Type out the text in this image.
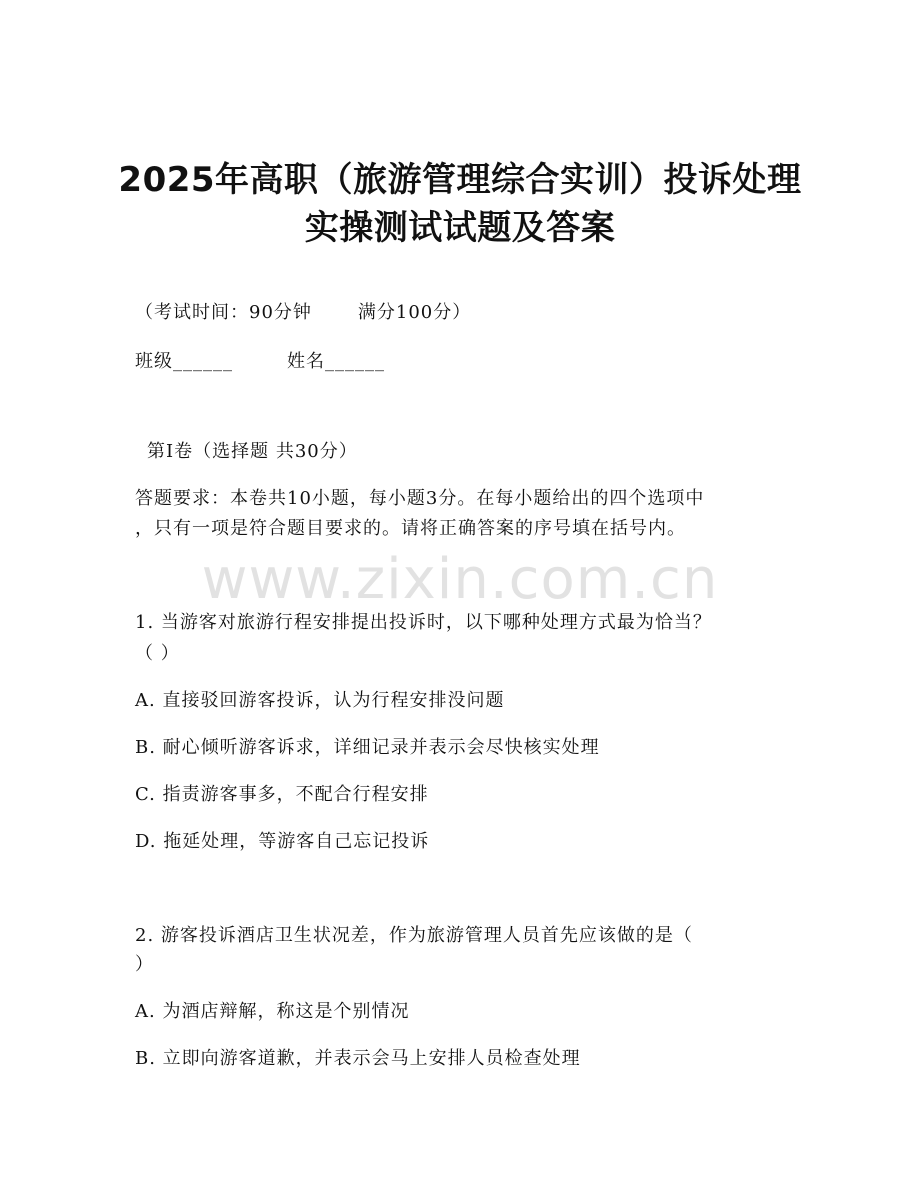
2025年高职（旅游管理综合实训）投诉处理
实操测试试题及答案
（考试时间：90分钟	满分100分）
班级______	姓名______
第Ⅰ卷（选择题 共30分）
答题要求：本卷共10小题，每小题3分。在每小题给出的四个选项中
，只有一项是符合题目要求的。请将正确答案的序号填在括号内。
www.zixin.com.cn
1. 当游客对旅游行程安排提出投诉时，以下哪种处理方式最为恰当？
（ ）
A. 直接驳回游客投诉，认为行程安排没问题
B. 耐心倾听游客诉求，详细记录并表示会尽快核实处理
C. 指责游客事多，不配合行程安排
D. 拖延处理，等游客自己忘记投诉
2. 游客投诉酒店卫生状况差，作为旅游管理人员首先应该做的是（
）
A. 为酒店辩解，称这是个别情况
B. 立即向游客道歉，并表示会马上安排人员检查处理
